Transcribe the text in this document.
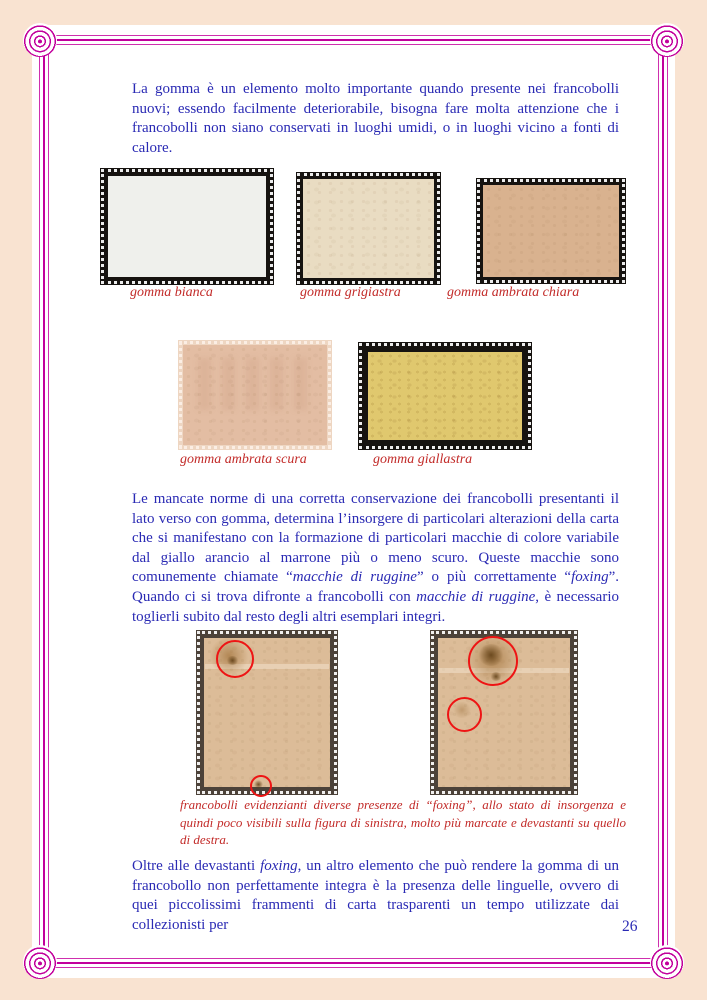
La gomma è un elemento molto importante quando presente nei francobolli nuovi; essendo facilmente deteriorabile, bisogna fare molta attenzione che i francobolli non siano conservati in luoghi umidi, o in luoghi vicino a fonti di calore.

gomma bianca	gomma grigiastra	gomma ambrata chiara
gomma ambrata scura	gomma giallastra

Le mancate norme di una corretta conservazione dei francobolli presentanti il lato verso con gomma, determina l’insorgere di particolari alterazioni della carta che si manifestano con la formazione di particolari macchie di colore variabile dal giallo arancio al marrone più o meno scuro. Queste macchie sono comunemente chiamate “macchie di ruggine” o più correttamente “foxing”. Quando ci si trova difronte a francobolli con macchie di ruggine, è necessario toglierli subito dal resto degli altri esemplari integri.

francobolli evidenzianti diverse presenze di “foxing”, allo stato di insorgenza e quindi poco visibili sulla figura di sinistra, molto più marcate e devastanti su quello di destra.

Oltre alle devastanti foxing, un altro elemento che può rendere la gomma di un francobollo non perfettamente integra è la presenza delle linguelle, ovvero di quei piccolissimi frammenti di carta trasparenti un tempo utilizzate dai collezionisti per	26
